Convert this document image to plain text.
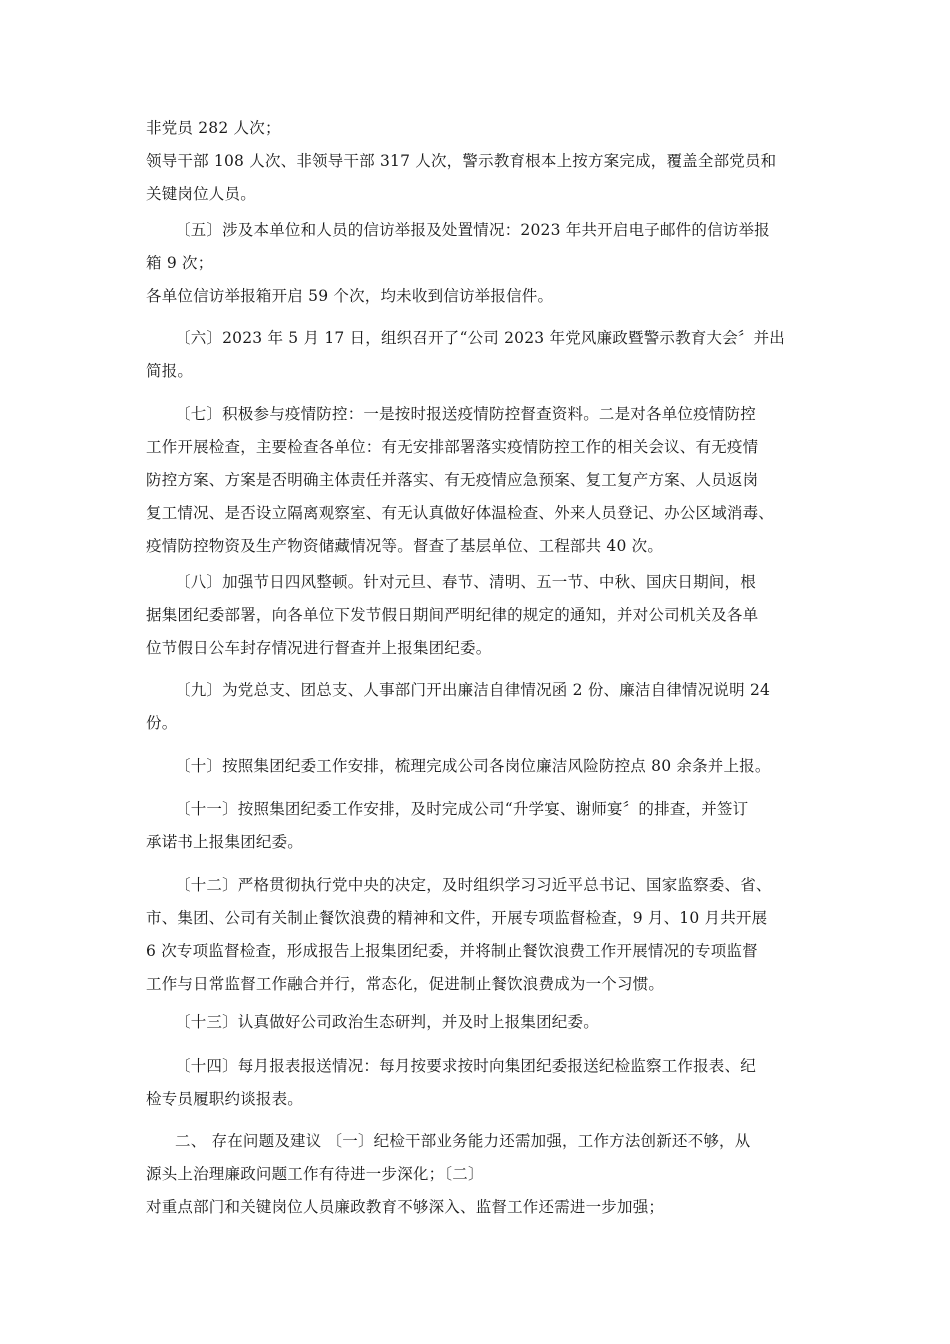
非党员 282 人次；
领导干部 108 人次、非领导干部 317 人次，警示教育根本上按方案完成，覆盖全部党员和
关键岗位人员。
〔五〕涉及本单位和人员的信访举报及处置情况：2023 年共开启电子邮件的信访举报
箱 9 次；
各单位信访举报箱开启 59 个次，均未收到信访举报信件。
〔六〕2023 年 5 月 17 日，组织召开了“公司 2023 年党风廉政暨警示教育大会〞并出
简报。
〔七〕积极参与疫情防控：一是按时报送疫情防控督查资料。二是对各单位疫情防控
工作开展检查，主要检查各单位：有无安排部署落实疫情防控工作的相关会议、有无疫情
防控方案、方案是否明确主体责任并落实、有无疫情应急预案、复工复产方案、人员返岗
复工情况、是否设立隔离观察室、有无认真做好体温检查、外来人员登记、办公区域消毒、
疫情防控物资及生产物资储藏情况等。督查了基层单位、工程部共 40 次。
〔八〕加强节日四风整顿。针对元旦、春节、清明、五一节、中秋、国庆日期间，根
据集团纪委部署，向各单位下发节假日期间严明纪律的规定的通知，并对公司机关及各单
位节假日公车封存情况进行督查并上报集团纪委。
〔九〕为党总支、团总支、人事部门开出廉洁自律情况函 2 份、廉洁自律情况说明 24
份。
〔十〕按照集团纪委工作安排，梳理完成公司各岗位廉洁风险防控点 80 余条并上报。
〔十一〕按照集团纪委工作安排，及时完成公司“升学宴、谢师宴〞的排查，并签订
承诺书上报集团纪委。
〔十二〕严格贯彻执行党中央的决定，及时组织学习习近平总书记、国家监察委、省、
市、集团、公司有关制止餐饮浪费的精神和文件，开展专项监督检查，9 月、10 月共开展
6 次专项监督检查，形成报告上报集团纪委，并将制止餐饮浪费工作开展情况的专项监督
工作与日常监督工作融合并行，常态化，促进制止餐饮浪费成为一个习惯。
〔十三〕认真做好公司政治生态研判，并及时上报集团纪委。
〔十四〕每月报表报送情况：每月按要求按时向集团纪委报送纪检监察工作报表、纪
检专员履职约谈报表。
二、 存在问题及建议 〔一〕纪检干部业务能力还需加强，工作方法创新还不够，从
源头上治理廉政问题工作有待进一步深化；〔二〕
对重点部门和关键岗位人员廉政教育不够深入、监督工作还需进一步加强；
